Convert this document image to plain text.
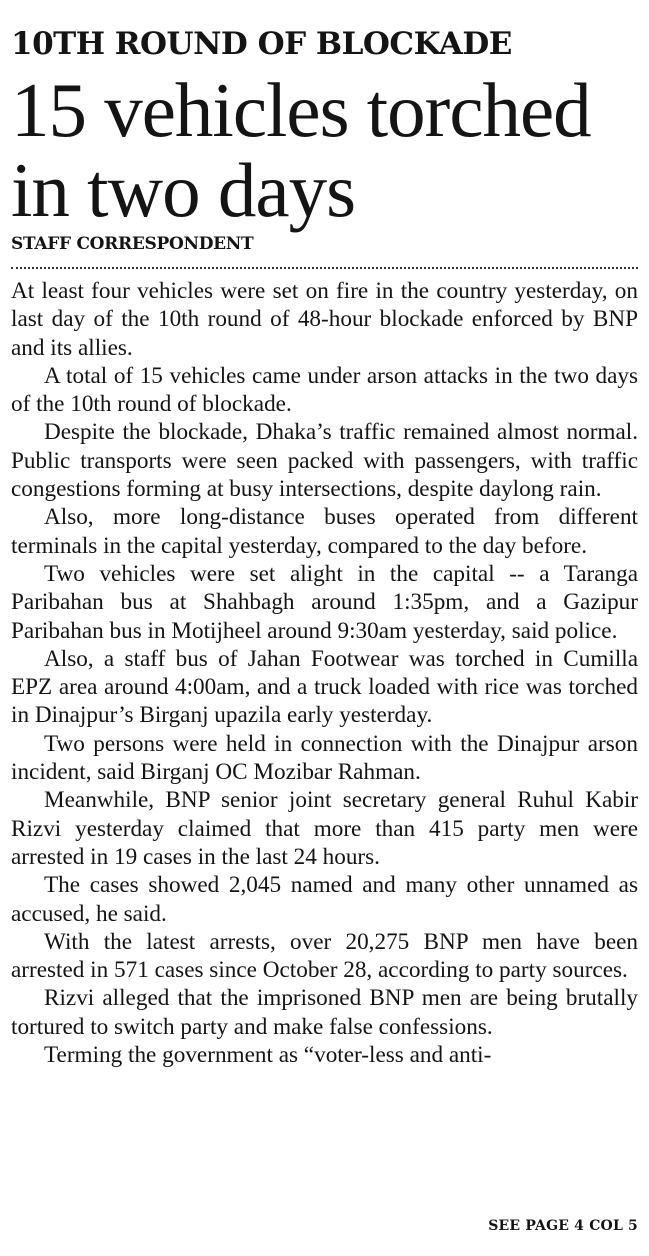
10TH ROUND OF BLOCKADE
15 vehicles torched in two days
STAFF CORRESPONDENT

At least four vehicles were set on fire in the country yesterday, on last day of the 10th round of 48-hour blockade enforced by BNP and its allies.

A total of 15 vehicles came under arson attacks in the two days of the 10th round of blockade.

Despite the blockade, Dhaka’s traffic remained almost normal. Public transports were seen packed with passengers, with traffic congestions forming at busy intersections, despite daylong rain.

Also, more long-distance buses operated from different terminals in the capital yesterday, compared to the day before.

Two vehicles were set alight in the capital -- a Taranga Paribahan bus at Shahbagh around 1:35pm, and a Gazipur Paribahan bus in Motijheel around 9:30am yesterday, said police.

Also, a staff bus of Jahan Footwear was torched in Cumilla EPZ area around 4:00am, and a truck loaded with rice was torched in Dinajpur’s Birganj upazila early yesterday.

Two persons were held in connection with the Dinajpur arson incident, said Birganj OC Mozibar Rahman.

Meanwhile, BNP senior joint secretary general Ruhul Kabir Rizvi yesterday claimed that more than 415 party men were arrested in 19 cases in the last 24 hours.

The cases showed 2,045 named and many other unnamed as accused, he said.

With the latest arrests, over 20,275 BNP men have been arrested in 571 cases since October 28, according to party sources.

Rizvi alleged that the imprisoned BNP men are being brutally tortured to switch party and make false confessions.

Terming the government as “voter-less and anti-

SEE PAGE 4 COL 5
